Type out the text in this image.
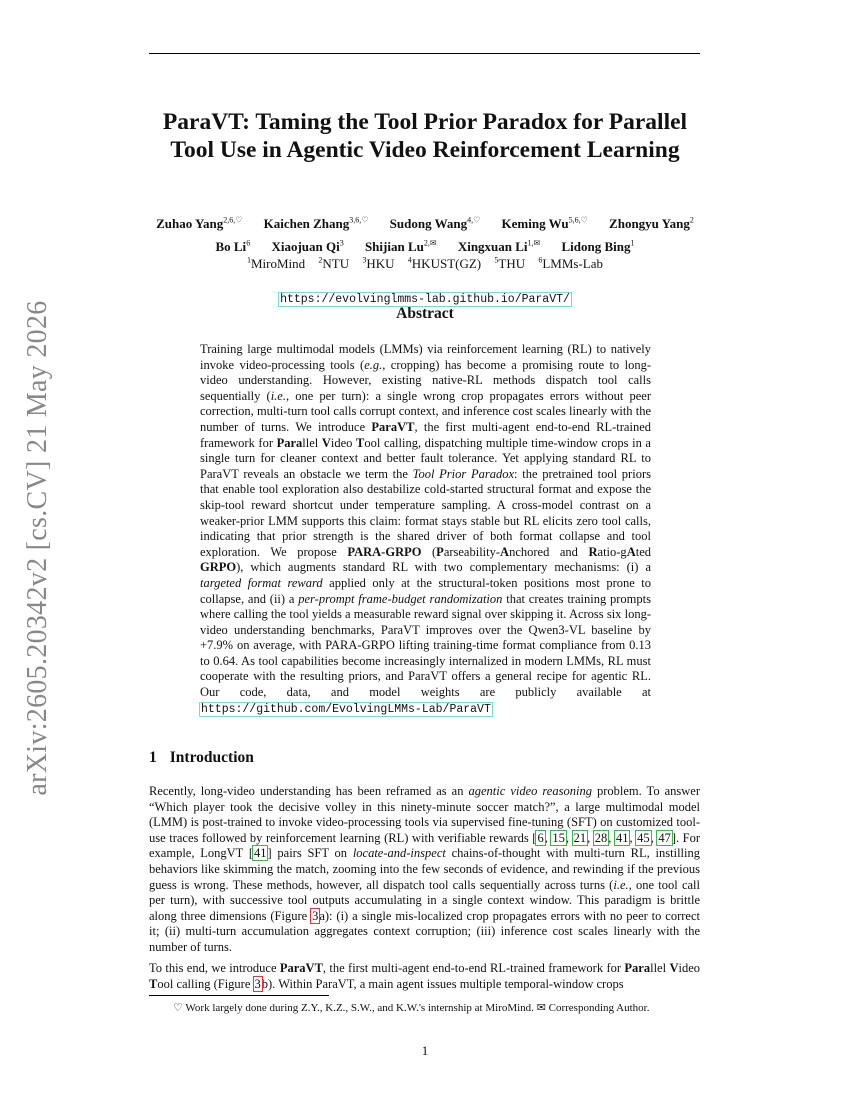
arXiv:2605.20342v2 [cs.CV] 21 May 2026
ParaVT: Taming the Tool Prior Paradox for Parallel
Tool Use in Agentic Video Reinforcement Learning
Zuhao Yang$^{2,6,♡}$ Kaichen Zhang$^{3,6,♡}$ Sudong Wang$^{4,♡}$ Keming $Wu^{5,6,♡}$ Zhongyu Yang$^2$
Bo Li$^6$ Xiaojuan Qi$^3$ Shijian $Lu^{2,✉}$ Xingxuan $Li^{1,✉}$ Lidong Bing$^1$
$^1$MiroMind $^2$NTU $^3$HKU $^4$HKUST(GZ) $^5$THU $^6$LMMs-Lab
https://evolvinglmms-lab.github.io/ParaVT/
Abstract
Training large multimodal models (LMMs) via reinforcement learning (RL) to natively invoke video-processing tools (e.g., cropping) has become a promising route to long-video understanding. However, existing native-RL methods dispatch tool calls sequentially (i.e., one per turn): a single wrong crop propagates errors without peer correction, multi-turn tool calls corrupt context, and inference cost scales linearly with the number of turns. We introduce ParaVT, the first multi-agent end-to-end RL-trained framework for Parallel Video Tool calling, dispatching multiple time-window crops in a single turn for cleaner context and better fault tolerance. Yet applying standard RL to ParaVT reveals an obstacle we term the Tool Prior Paradox: the pretrained tool priors that enable tool exploration also destabilize cold-started structural format and expose the skip-tool reward shortcut under temperature sampling. A cross-model contrast on a weaker-prior LMM supports this claim: format stays stable but RL elicits zero tool calls, indicating that prior strength is the shared driver of both format collapse and tool exploration. We propose PARA-GRPO (Parseability-Anchored and Ratio-gAted GRPO), which augments standard RL with two complementary mechanisms: (i) a targeted format reward applied only at the structural-token positions most prone to collapse, and (ii) a per-prompt frame-budget randomization that creates training prompts where calling the tool yields a measurable reward signal over skipping it. Across six long-video understanding benchmarks, ParaVT improves over the Qwen3-VL baseline by +7.9% on average, with PARA-GRPO lifting training-time format compliance from 0.13 to 0.64. As tool capabilities become increasingly internalized in modern LMMs, RL must cooperate with the resulting priors, and ParaVT offers a general recipe for agentic RL. Our code, data, and model weights are publicly available at https://github.com/EvolvingLMMs-Lab/ParaVT
1 Introduction
Recently, long-video understanding has been reframed as an agentic video reasoning problem. To answer “Which player took the decisive volley in this ninety-minute soccer match?”, a large multimodal model (LMM) is post-trained to invoke video-processing tools via supervised fine-tuning (SFT) on customized tool-use traces followed by reinforcement learning (RL) with verifiable rewards [6, 15, 21, 28, 41, 45, 47]. For example, LongVT [41] pairs SFT on locate-and-inspect chains-of-thought with multi-turn RL, instilling behaviors like skimming the match, zooming into the few seconds of evidence, and rewinding if the previous guess is wrong. These methods, however, all dispatch tool calls sequentially across turns (i.e., one tool call per turn), with successive tool outputs accumulating in a single context window. This paradigm is brittle along three dimensions (Figure 3a): (i) a single mis-localized crop propagates errors with no peer to correct it; (ii) multi-turn accumulation aggregates context corruption; (iii) inference cost scales linearly with the number of turns.
To this end, we introduce ParaVT, the first multi-agent end-to-end RL-trained framework for Parallel Video Tool calling (Figure 3b). Within ParaVT, a main agent issues multiple temporal-window crops
♡ Work largely done during Z.Y., K.Z., S.W., and K.W.'s internship at MiroMind. ✉ Corresponding Author.
1
